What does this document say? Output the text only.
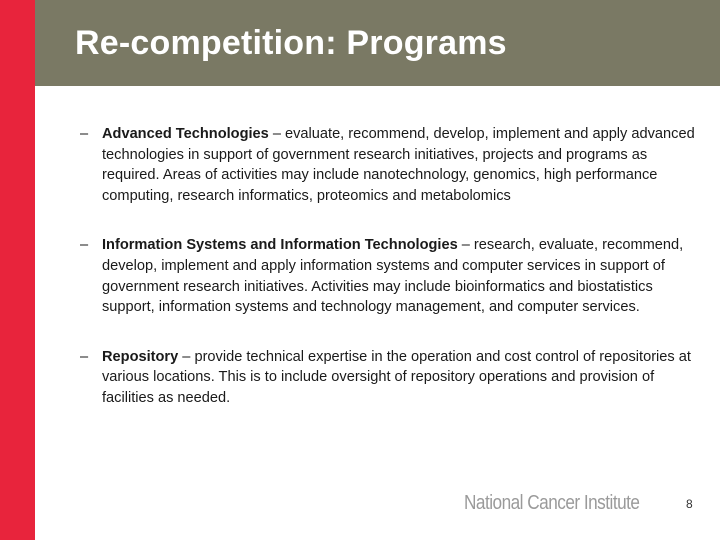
Re-competition: Programs
– Advanced Technologies – evaluate, recommend, develop, implement and apply advanced technologies in support of government research initiatives, projects and programs as required. Areas of activities may include nanotechnology, genomics, high performance computing, research informatics, proteomics and metabolomics
– Information Systems and Information Technologies – research, evaluate, recommend, develop, implement and apply information systems and computer services in support of government research initiatives. Activities may include bioinformatics and biostatistics support, information systems and technology management, and computer services.
– Repository – provide technical expertise in the operation and cost control of repositories at various locations. This is to include oversight of repository operations and provision of facilities as needed.
National Cancer Institute	8
